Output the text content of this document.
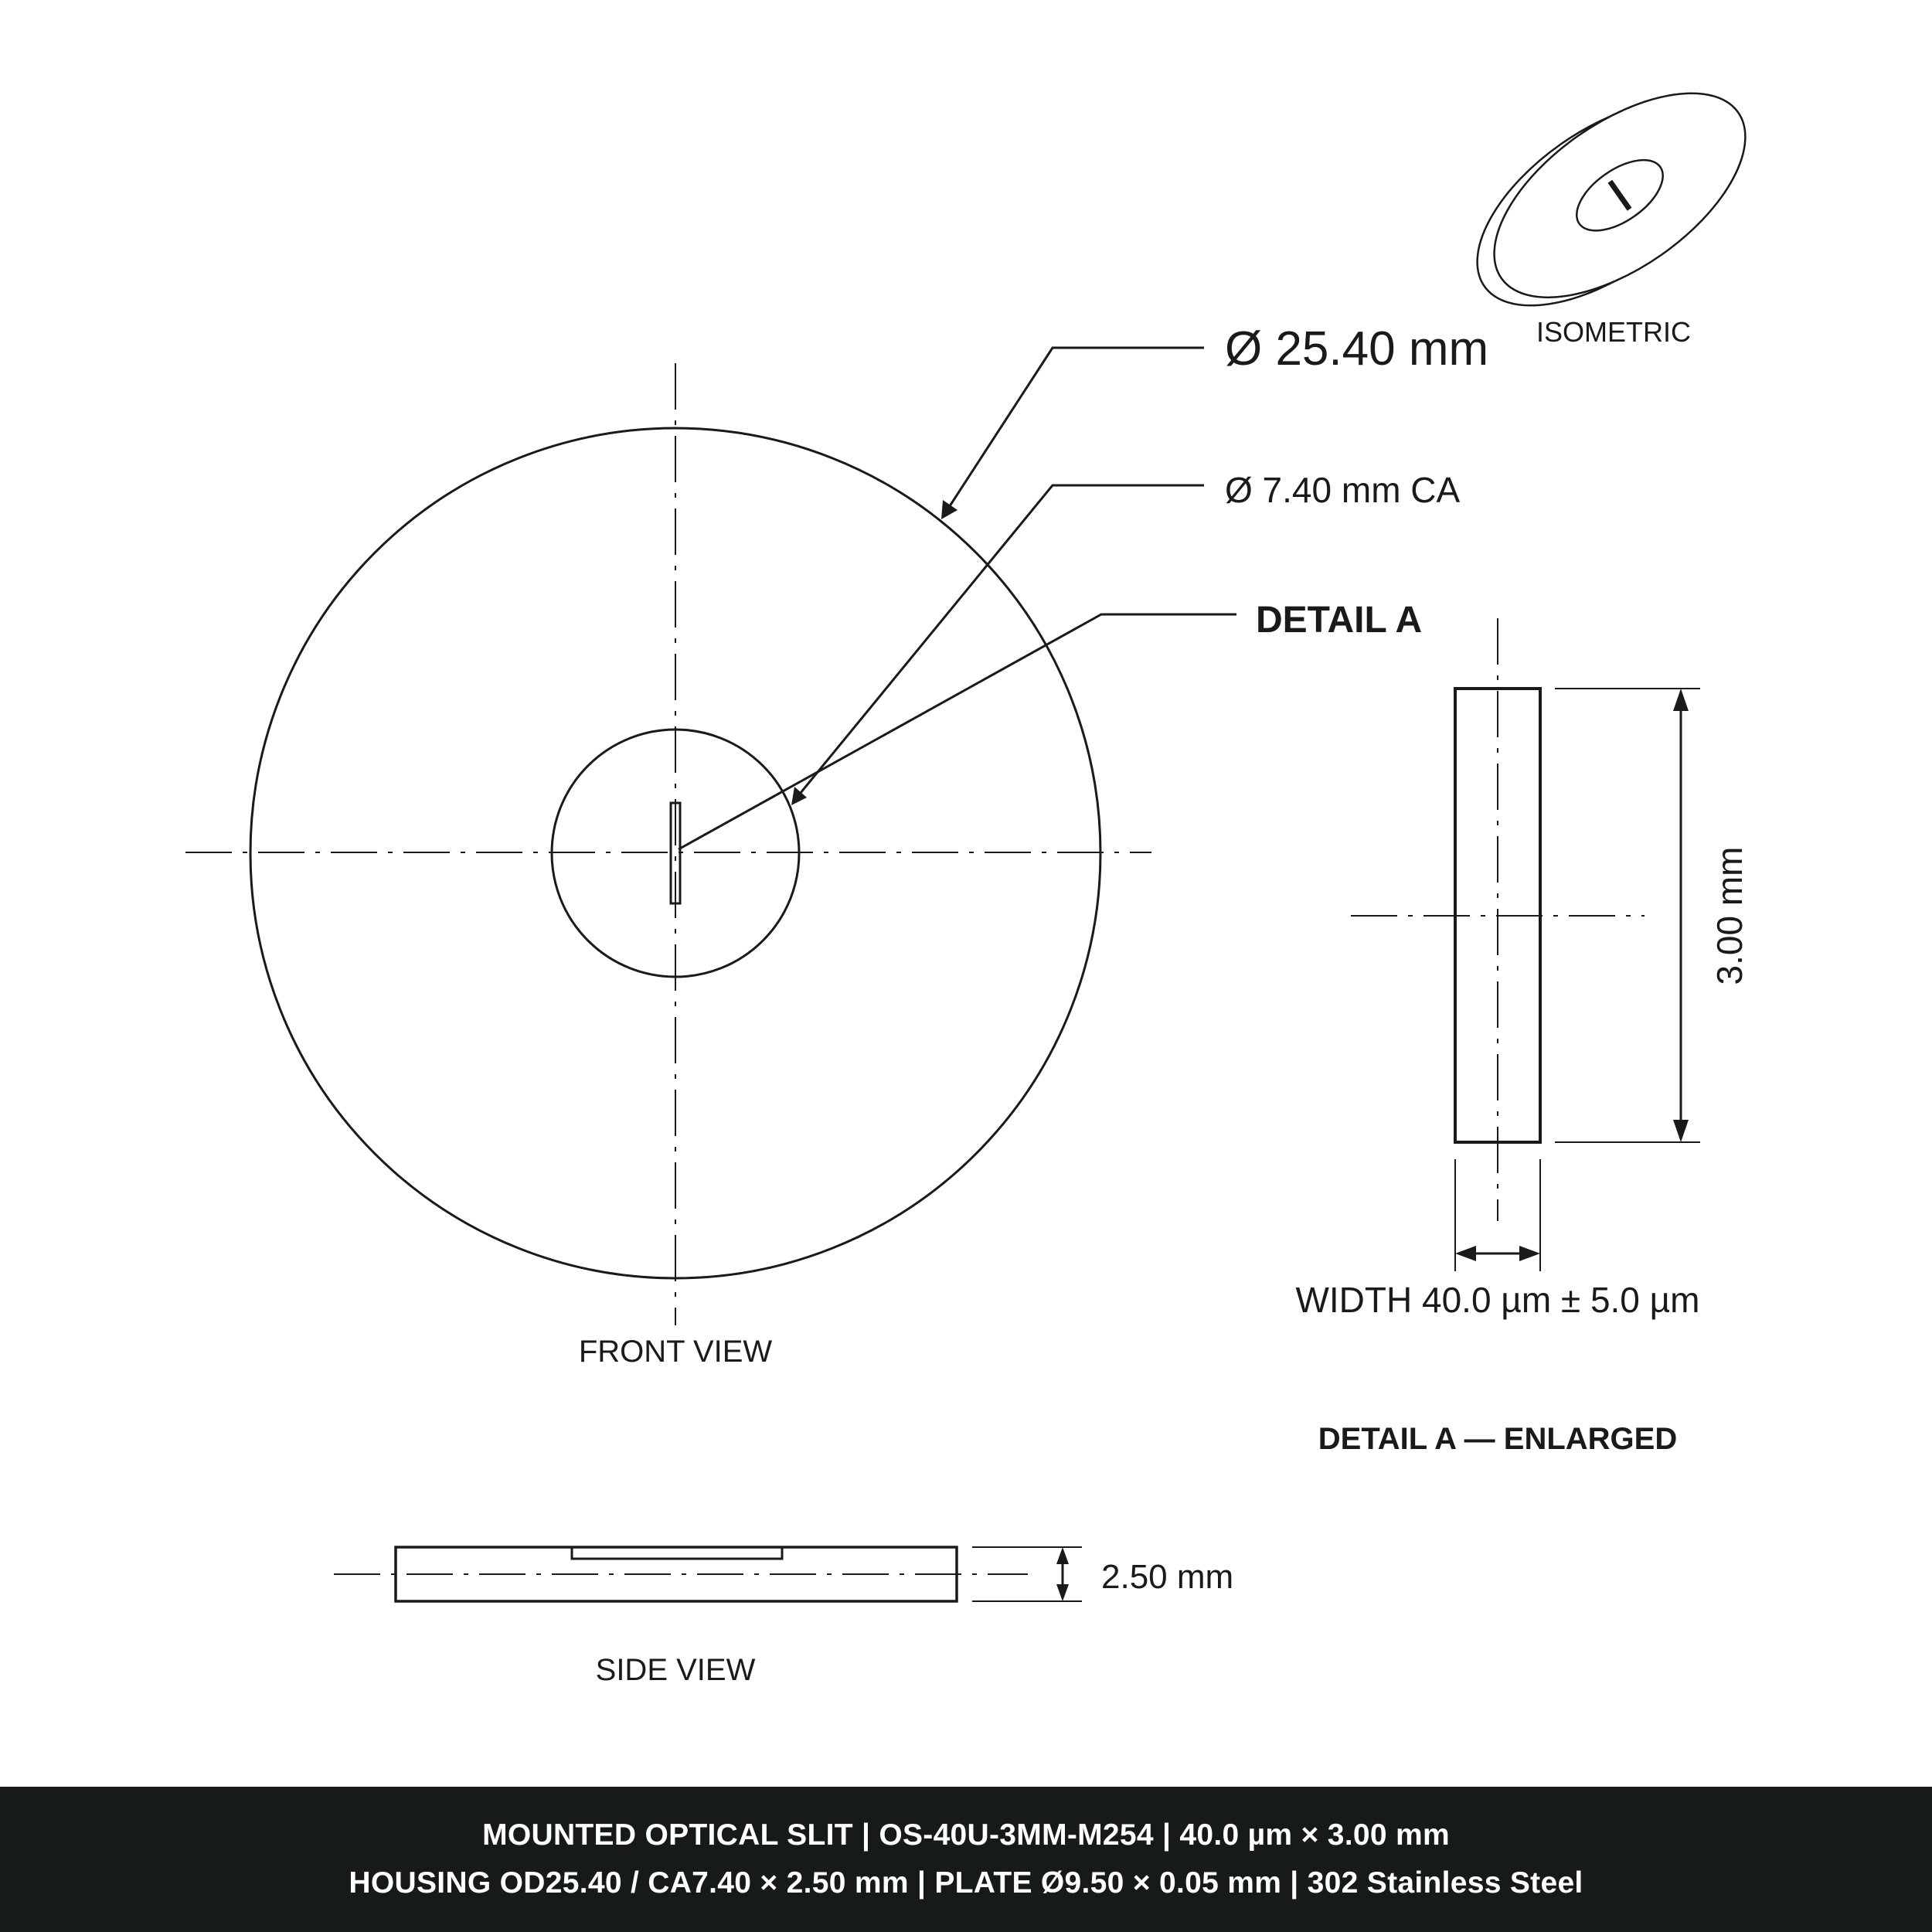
Ø 25.40 mm
Ø 7.40 mm CA
DETAIL A
FRONT VIEW
ISOMETRIC
3.00 mm
WIDTH 40.0 µm ± 5.0 µm
DETAIL A — ENLARGED
2.50 mm
SIDE VIEW
MOUNTED OPTICAL SLIT | OS-40U-3MM-M254 | 40.0 µm × 3.00 mm
HOUSING OD25.40 / CA7.40 × 2.50 mm | PLATE Ø9.50 × 0.05 mm | 302 Stainless Steel
